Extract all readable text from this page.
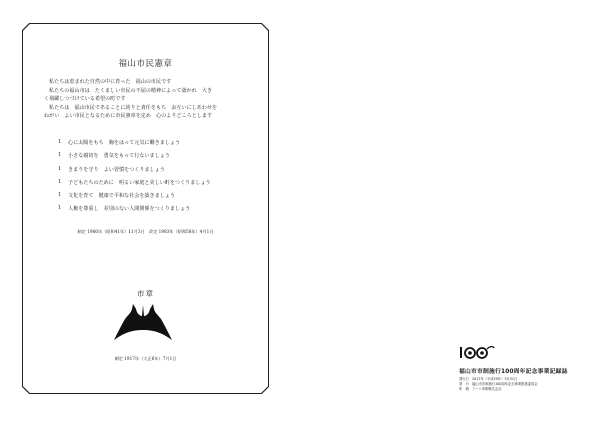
福山市民憲章

私たちは恵まれた自然の中に育った　福山の市民です

私たちの福山市は　たくましい市民の不屈の精神によって築かれ　大き

く飛躍しつづけている希望の町です

私たちは　福山市民であることに誇りと責任をもち　お互いにしあわせを

ねがい　よい市民となるために市民憲章を定め　心のよりどころとします

1	心に太陽をもち　胸をはって元気に働きましょう
1	小さな親切を　勇気をもって行ないましょう
1	きまりを守り　よい習慣をつくりましょう
1	子どもたちのために　明るい家庭と美しい町をつくりましょう
1	文化を育て　健康で平和な社会を築きましょう
1	人権を尊重し　差別のない人間関係をつくりましょう
制定 1966年（昭和41年）11月3日　改定 1983年（昭和58年）4月1日
市章
制定 1917年（大正6年）7月1日
福山市市制施行100周年記念事業記録誌
発行日 2017年（平成29年）3月31日
発　行 福山市市制施行100周年記念事業推進委員会
印　刷 アート印刷株式会社
